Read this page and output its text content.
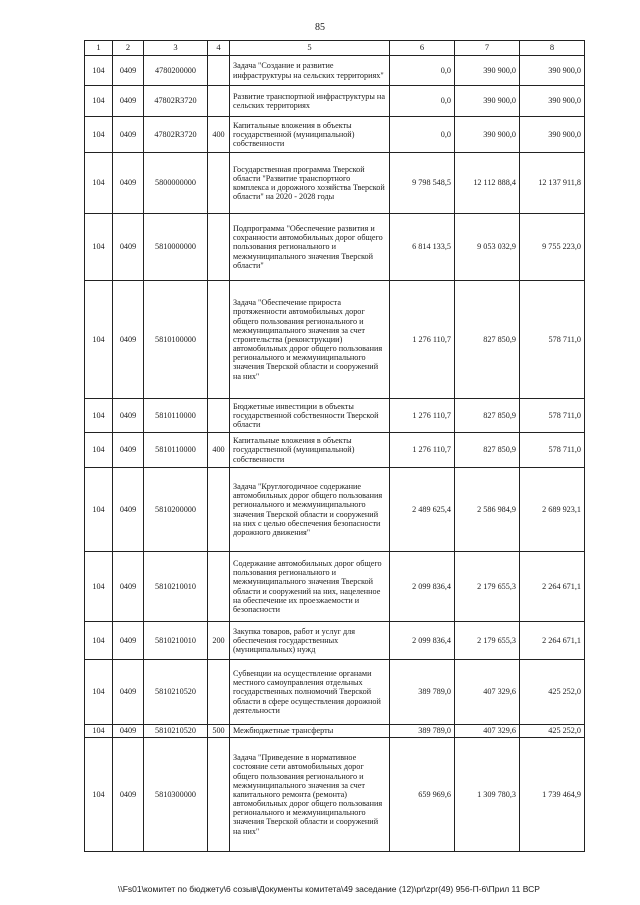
85
1	2	3	4	5	6	7	8
104	0409	4780200000		Задача "Создание и развитие инфраструктуры на сельских территориях"	0,0	390 900,0	390 900,0
104	0409	47802R3720		Развитие транспортной инфраструктуры на сельских территориях	0,0	390 900,0	390 900,0
104	0409	47802R3720	400	Капитальные вложения в объекты государственной (муниципальной) собственности	0,0	390 900,0	390 900,0
104	0409	5800000000		Государственная программа Тверской области "Развитие транспортного комплекса и дорожного хозяйства Тверской области" на 2020 - 2028 годы	9 798 548,5	12 112 888,4	12 137 911,8
104	0409	5810000000		Подпрограмма "Обеспечение развития и сохранности автомобильных дорог общего пользования регионального и межмуниципального значения Тверской области"	6 814 133,5	9 053 032,9	9 755 223,0
104	0409	5810100000		Задача "Обеспечение прироста протяженности автомобильных дорог общего пользования регионального и межмуниципального значения за счет строительства (реконструкции) автомобильных дорог общего пользования регионального и межмуниципального значения Тверской области и сооружений на них"	1 276 110,7	827 850,9	578 711,0
104	0409	5810110000		Бюджетные инвестиции в объекты государственной собственности Тверской области	1 276 110,7	827 850,9	578 711,0
104	0409	5810110000	400	Капитальные вложения в объекты государственной (муниципальной) собственности	1 276 110,7	827 850,9	578 711,0
104	0409	5810200000		Задача "Круглогодичное содержание автомобильных дорог общего пользования регионального и межмуниципального значения Тверской области и сооружений на них с целью обеспечения безопасности дорожного движения"	2 489 625,4	2 586 984,9	2 689 923,1
104	0409	5810210010		Содержание автомобильных дорог общего пользования регионального и межмуниципального значения Тверской области и сооружений на них, нацеленное на обеспечение их проезжаемости и безопасности	2 099 836,4	2 179 655,3	2 264 671,1
104	0409	5810210010	200	Закупка товаров, работ и услуг для обеспечения государственных (муниципальных) нужд	2 099 836,4	2 179 655,3	2 264 671,1
104	0409	5810210520		Субвенции на осуществление органами местного самоуправления отдельных государственных полномочий Тверской области в сфере осуществления дорожной деятельности	389 789,0	407 329,6	425 252,0
104	0409	5810210520	500	Межбюджетные трансферты	389 789,0	407 329,6	425 252,0
104	0409	5810300000		Задача "Приведение в нормативное состояние сети автомобильных дорог общего пользования регионального и межмуниципального значения за счет капитального ремонта (ремонта) автомобильных дорог общего пользования регионального и межмуниципального значения Тверской области и сооружений на них"	659 969,6	1 309 780,3	1 739 464,9
\\Fs01\комитет по бюджету\6 созыв\Документы комитета\49 заседание (12)\pr\zpr(49) 956-П-6\Прил 11 ВСР
